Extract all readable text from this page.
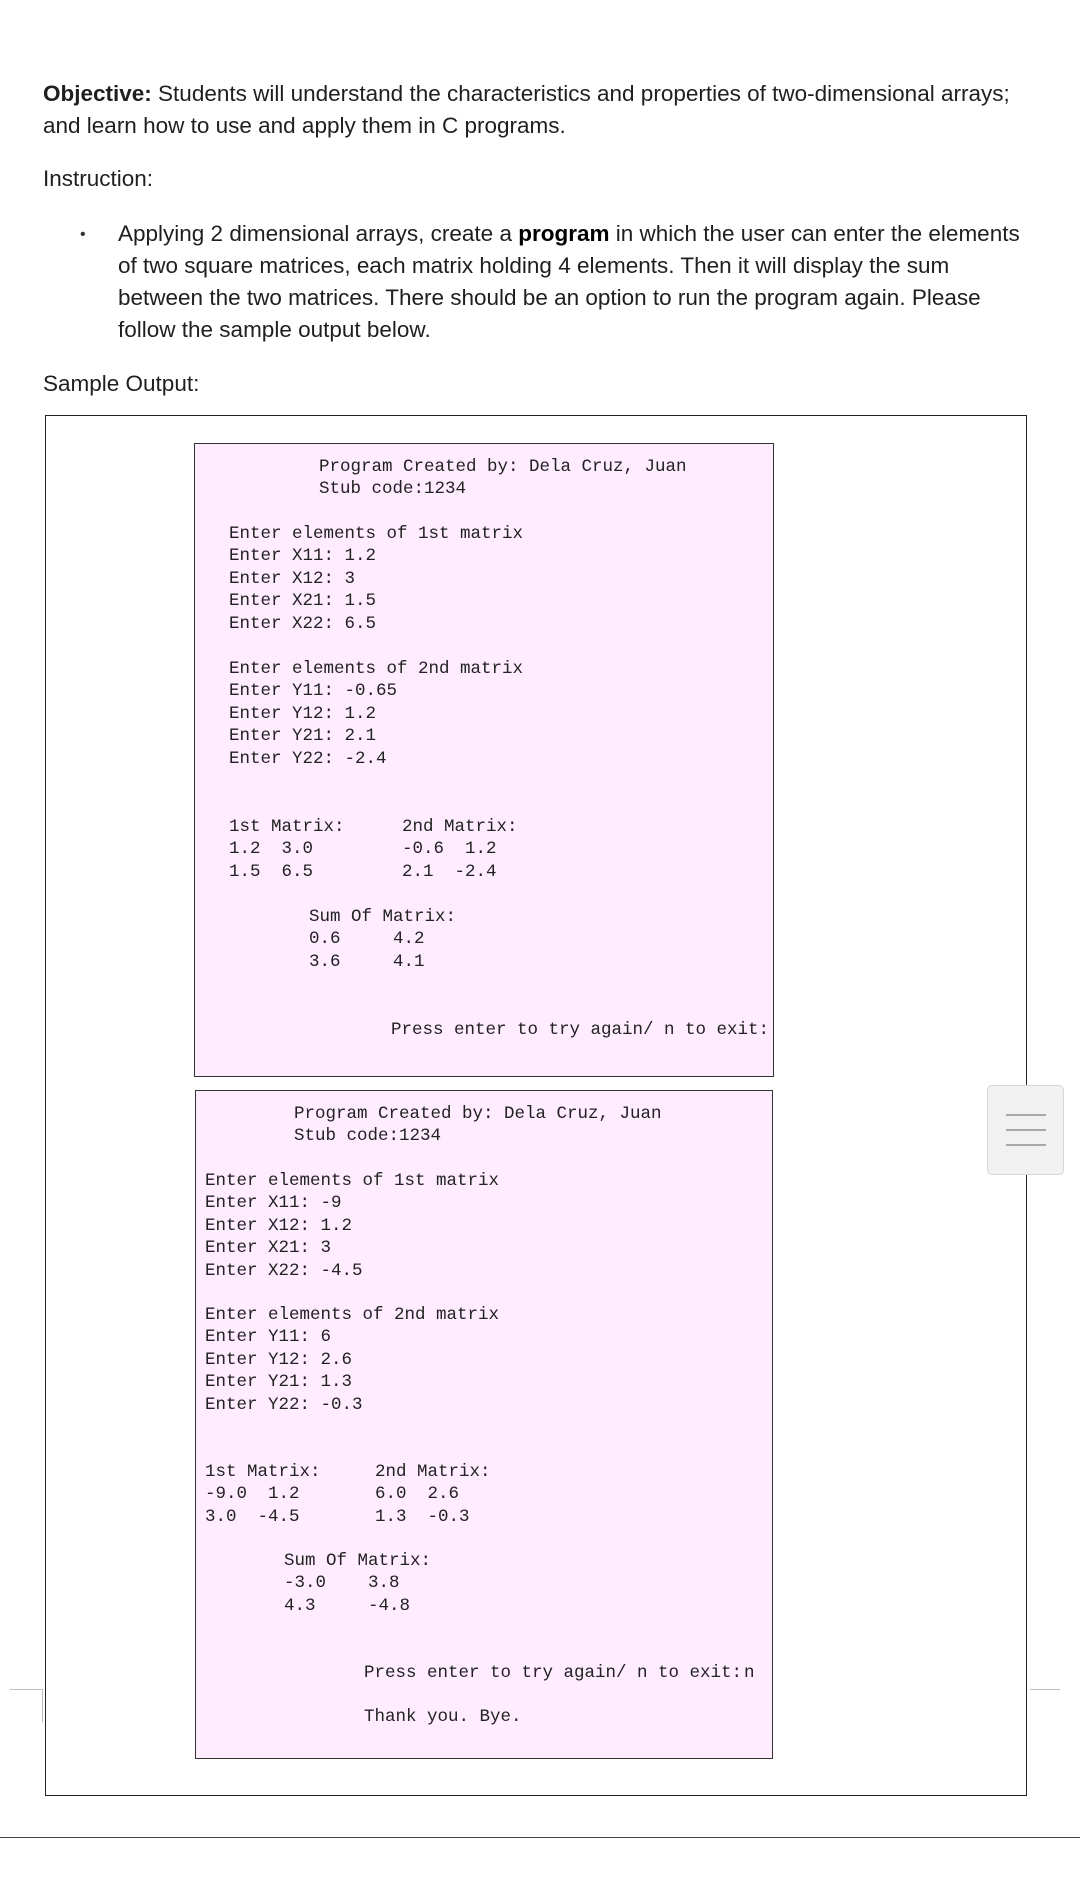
Objective: Students will understand the characteristics and properties of two-dimensional arrays; and learn how to use and apply them in C programs.
Instruction:
• Applying 2 dimensional arrays, create a program in which the user can enter the elements of two square matrices, each matrix holding 4 elements. Then it will display the sum between the two matrices. There should be an option to run the program again. Please follow the sample output below.
Sample Output:
Program Created by: Dela Cruz, Juan
Stub code:1234
Enter elements of 1st matrix
Enter X11: 1.2
Enter X12: 3
Enter X21: 1.5
Enter X22: 6.5
Enter elements of 2nd matrix
Enter Y11: -0.65
Enter Y12: 1.2
Enter Y21: 2.1
Enter Y22: -2.4
1st Matrix:
1.2  3.0
1.5  6.5
2nd Matrix:
-0.6  1.2
2.1  -2.4
Sum Of Matrix:
0.6     4.2
3.6     4.1
Press enter to try again/ n to exit:
Program Created by: Dela Cruz, Juan
Stub code:1234
Enter elements of 1st matrix
Enter X11: -9
Enter X12: 1.2
Enter X21: 3
Enter X22: -4.5
Enter elements of 2nd matrix
Enter Y11: 6
Enter Y12: 2.6
Enter Y21: 1.3
Enter Y22: -0.3
1st Matrix:
-9.0  1.2
3.0  -4.5
2nd Matrix:
6.0  2.6
1.3  -0.3
Sum Of Matrix:
-3.0    3.8
4.3     -4.8
Press enter to try again/ n to exit: n
Thank you. Bye.
